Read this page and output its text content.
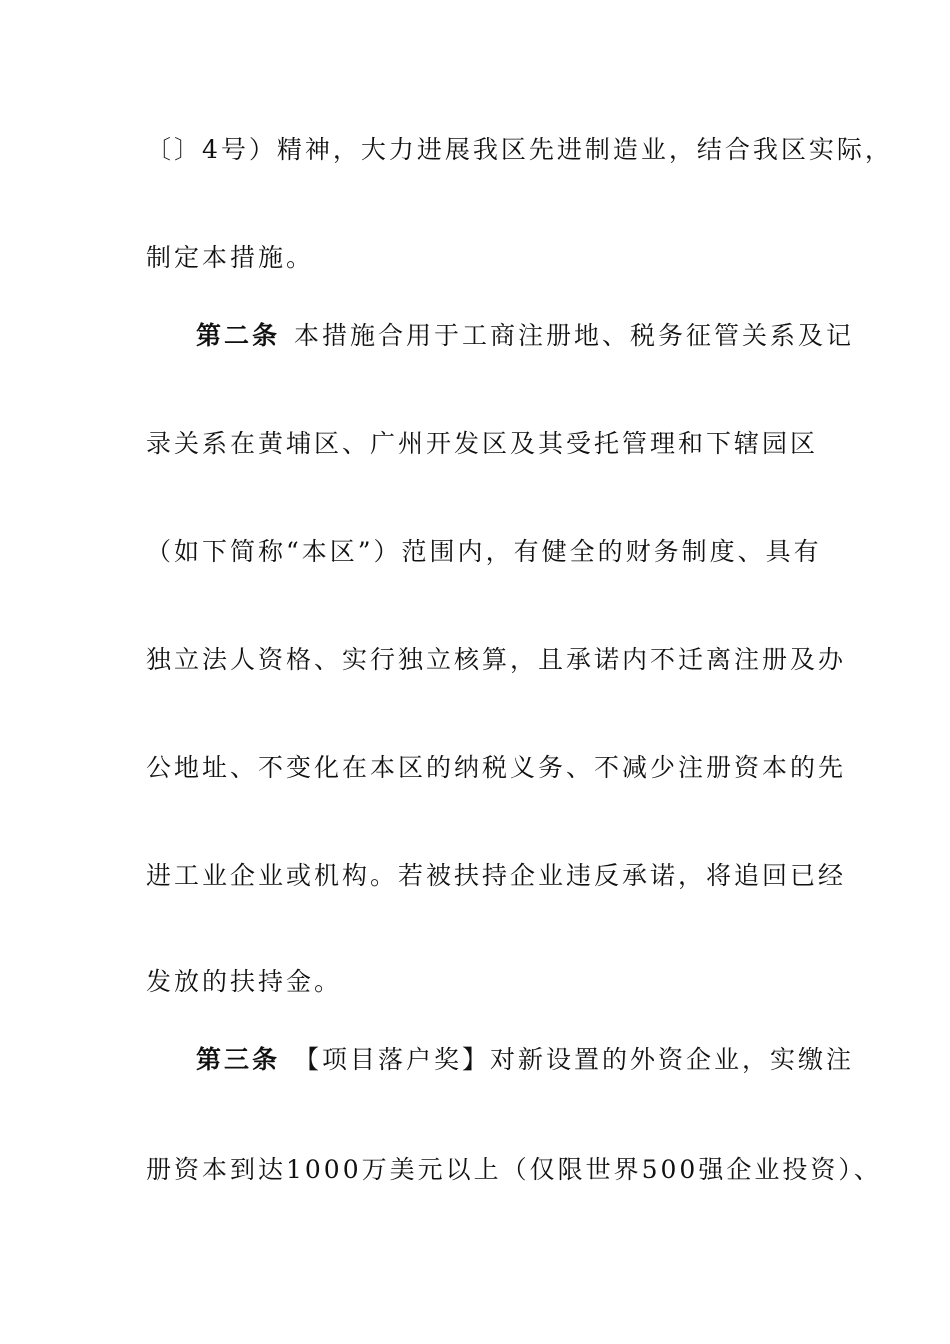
〔〕4号）精神，大力进展我区先进制造业，结合我区实际，
制定本措施。
第二条 本措施合用于工商注册地、税务征管关系及记
录关系在黄埔区、广州开发区及其受托管理和下辖园区
（如下简称“本区”）范围内，有健全的财务制度、具有
独立法人资格、实行独立核算，且承诺内不迁离注册及办
公地址、不变化在本区的纳税义务、不减少注册资本的先
进工业企业或机构。若被扶持企业违反承诺，将追回已经
发放的扶持金。
第三条 【项目落户奖】对新设置的外资企业，实缴注
册资本到达1000万美元以上（仅限世界500强企业投资）、
